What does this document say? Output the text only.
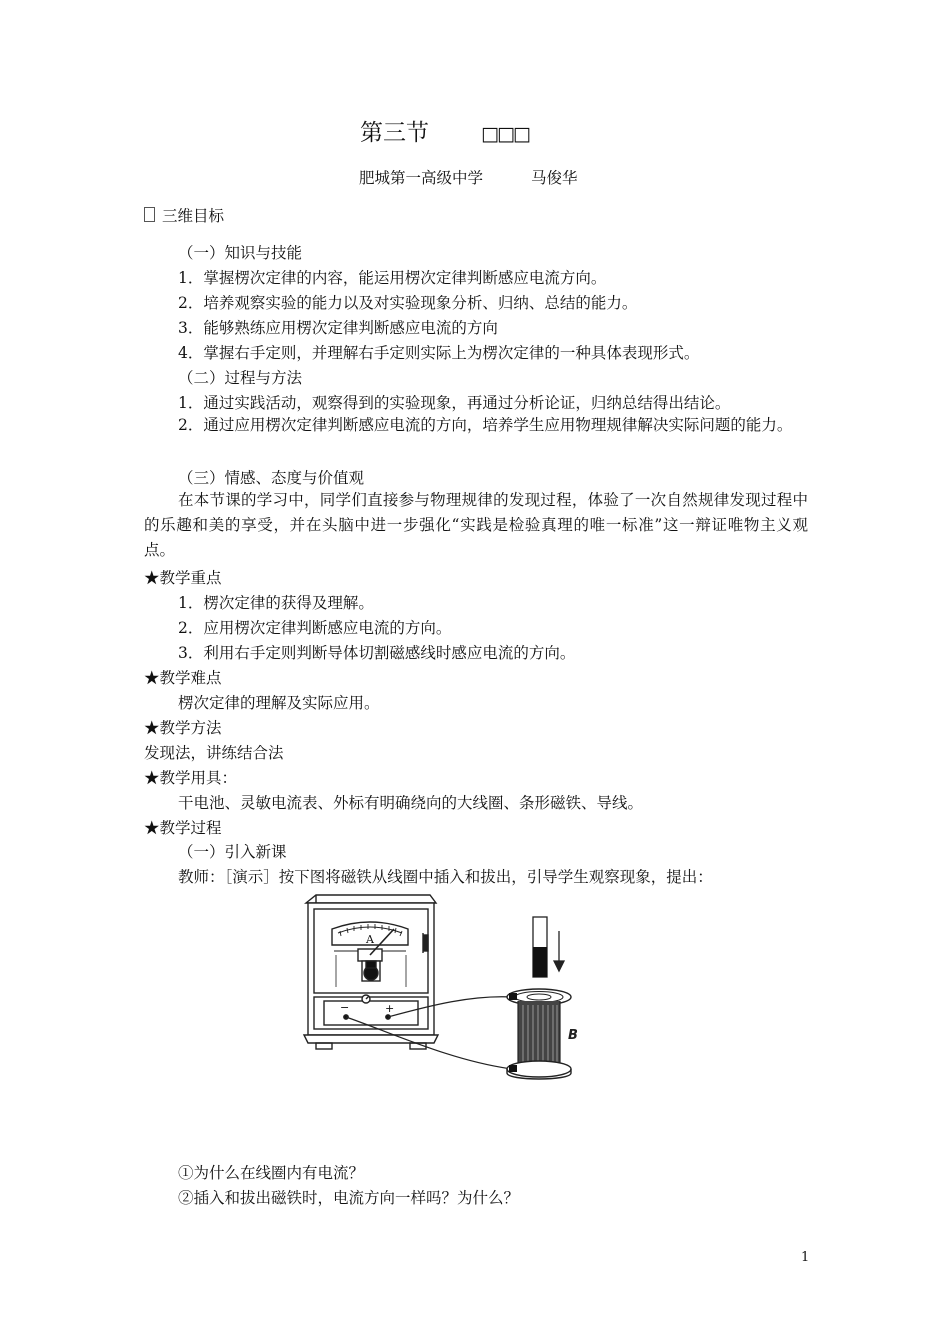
第三节	□□□
肥城第一高级中学	马俊华
三维目标
（一）知识与技能
1．掌握楞次定律的内容，能运用楞次定律判断感应电流方向。
2．培养观察实验的能力以及对实验现象分析、归纳、总结的能力。
3．能够熟练应用楞次定律判断感应电流的方向
4．掌握右手定则，并理解右手定则实际上为楞次定律的一种具体表现形式。
（二）过程与方法
1．通过实践活动，观察得到的实验现象，再通过分析论证，归纳总结得出结论。
2．通过应用楞次定律判断感应电流的方向，培养学生应用物理规律解决实际问题的能力。
（三）情感、态度与价值观
在本节课的学习中，同学们直接参与物理规律的发现过程，体验了一次自然规律发现过程中的乐趣和美的享受，并在头脑中进一步强化“实践是检验真理的唯一标准”这一辩证唯物主义观点。
★教学重点
1．楞次定律的获得及理解。
2．应用楞次定律判断感应电流的方向。
3．利用右手定则判断导体切割磁感线时感应电流的方向。
★教学难点
楞次定律的理解及实际应用。
★教学方法
发现法，讲练结合法
★教学用具：
干电池、灵敏电流表、外标有明确绕向的大线圈、条形磁铁、导线。
★教学过程
（一）引入新课
教师：［演示］按下图将磁铁从线圈中插入和拔出，引导学生观察现象，提出：
A
−	+
B
①为什么在线圈内有电流？
②插入和拔出磁铁时，电流方向一样吗？为什么？
1
